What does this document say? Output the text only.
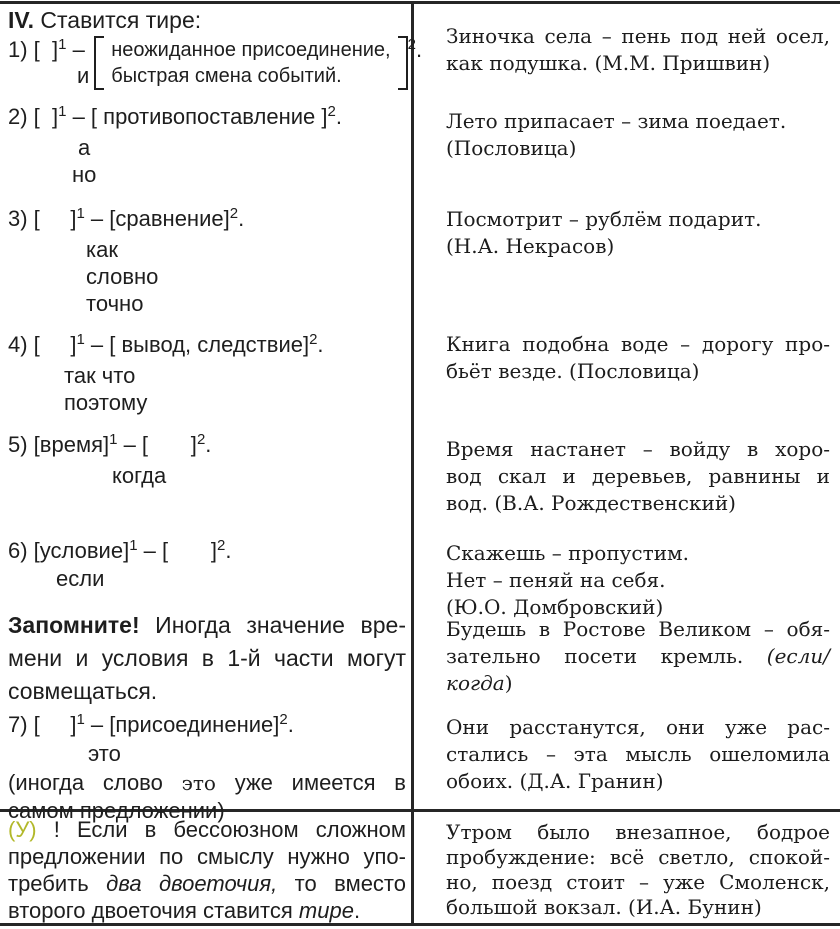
IV. Ставится тире:
1) [  ]1 –
и
неожиданное присоединение,
быстрая смена событий.
2.
2) [  ]1 – [ противопоставление ]2.
а
но
3) [     ]1 – [сравнение]2.
как
словно
точно
4) [     ]1 – [ вывод, следствие]2.
так что
поэтому
5) [время]1 – [       ]2.
когда
6) [условие]1 – [       ]2.
если
Запомните! Иногда значение вре-
мени и условия в 1-й части могут
совмещаться.
7) [     ]1 – [присоединение]2.
это
(иногда слово это уже имеется в
самом предложении)
(У) ! Если в бессоюзном сложном
предложении по смыслу нужно упо-
требить два двоеточия, то вместо
второго двоеточия ставится тире.
Зиночка села – пень под ней осел,
как подушка. (М.М. Пришвин)
Лето припасает – зима поедает.
(Пословица)
Посмотрит – рублём подарит.
(Н.А. Некрасов)
Книга подобна воде – дорогу про-
бьёт везде. (Пословица)
Время настанет – войду в хоро-
вод скал и деревьев, равнины и
вод. (В.А. Рождественский)
Скажешь – пропустим.
Нет – пеняй на себя.
(Ю.О. Домбровский)
Будешь в Ростове Великом – обя-
зательно посети кремль. (если/
когда)
Они расстанутся, они уже рас-
стались – эта мысль ошеломила
обоих. (Д.А. Гранин)
Утром было внезапное, бодрое
пробуждение: всё светло, спокой-
но, поезд стоит – уже Смоленск,
большой вокзал. (И.А. Бунин)
